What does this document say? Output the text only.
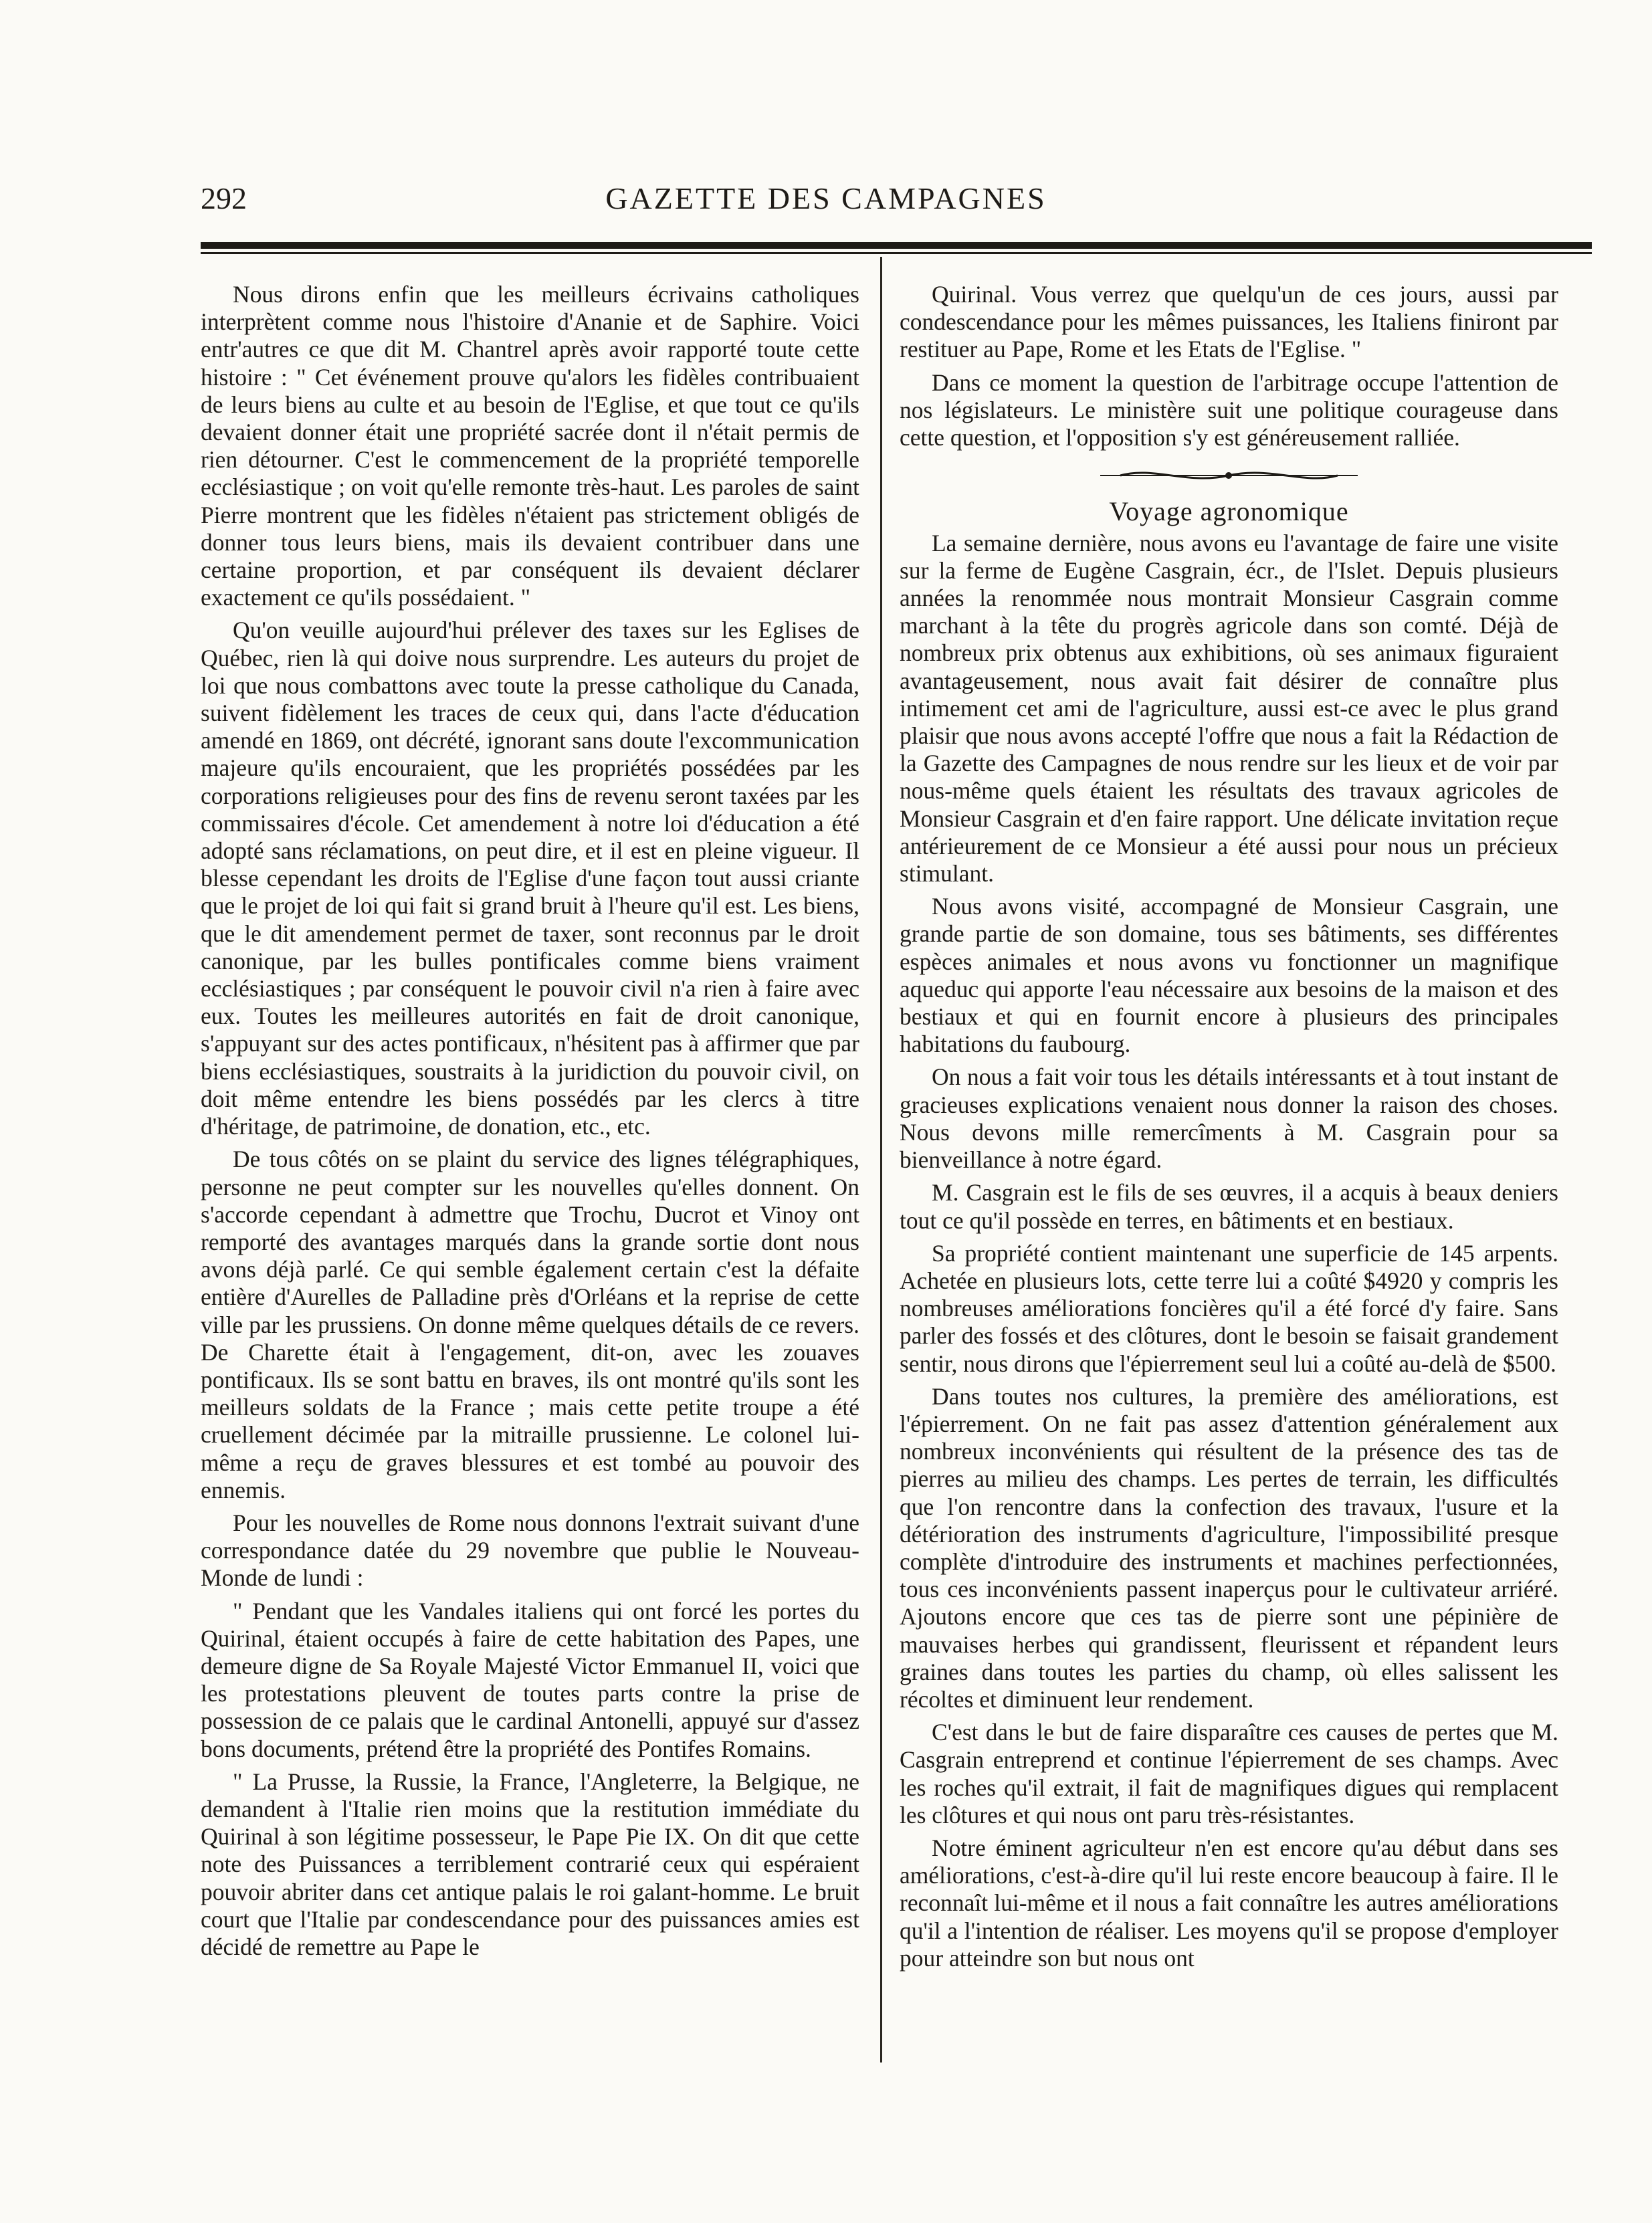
292	GAZETTE DES CAMPAGNES

Nous dirons enfin que les meilleurs écrivains catholiques interprètent comme nous l'histoire d'Ananie et de Saphire. Voici entr'autres ce que dit M. Chantrel après avoir rapporté toute cette histoire : " Cet événement prouve qu'alors les fidèles contribuaient de leurs biens au culte et au besoin de l'Eglise, et que tout ce qu'ils devaient donner était une propriété sacrée dont il n'était permis de rien détourner. C'est le commencement de la propriété temporelle ecclésiastique ; on voit qu'elle remonte très-haut. Les paroles de saint Pierre montrent que les fidèles n'étaient pas strictement obligés de donner tous leurs biens, mais ils devaient contribuer dans une certaine proportion, et par conséquent ils devaient déclarer exactement ce qu'ils possédaient. "

Qu'on veuille aujourd'hui prélever des taxes sur les Eglises de Québec, rien là qui doive nous surprendre. Les auteurs du projet de loi que nous combattons avec toute la presse catholique du Canada, suivent fidèlement les traces de ceux qui, dans l'acte d'éducation amendé en 1869, ont décrété, ignorant sans doute l'excommunication majeure qu'ils encouraient, que les propriétés possédées par les corporations religieuses pour des fins de revenu seront taxées par les commissaires d'école. Cet amendement à notre loi d'éducation a été adopté sans réclamations, on peut dire, et il est en pleine vigueur. Il blesse cependant les droits de l'Eglise d'une façon tout aussi criante que le projet de loi qui fait si grand bruit à l'heure qu'il est. Les biens, que le dit amendement permet de taxer, sont reconnus par le droit canonique, par les bulles pontificales comme biens vraiment ecclésiastiques ; par conséquent le pouvoir civil n'a rien à faire avec eux. Toutes les meilleures autorités en fait de droit canonique, s'appuyant sur des actes pontificaux, n'hésitent pas à affirmer que par biens ecclésiastiques, soustraits à la juridiction du pouvoir civil, on doit même entendre les biens possédés par les clercs à titre d'héritage, de patrimoine, de donation, etc., etc.

De tous côtés on se plaint du service des lignes télégraphiques, personne ne peut compter sur les nouvelles qu'elles donnent. On s'accorde cependant à admettre que Trochu, Ducrot et Vinoy ont remporté des avantages marqués dans la grande sortie dont nous avons déjà parlé. Ce qui semble également certain c'est la défaite entière d'Aurelles de Palladine près d'Orléans et la reprise de cette ville par les prussiens. On donne même quelques détails de ce revers. De Charette était à l'engagement, dit-on, avec les zouaves pontificaux. Ils se sont battu en braves, ils ont montré qu'ils sont les meilleurs soldats de la France ; mais cette petite troupe a été cruellement décimée par la mitraille prussienne. Le colonel lui-même a reçu de graves blessures et est tombé au pouvoir des ennemis.

Pour les nouvelles de Rome nous donnons l'extrait suivant d'une correspondance datée du 29 novembre que publie le Nouveau-Monde de lundi :

" Pendant que les Vandales italiens qui ont forcé les portes du Quirinal, étaient occupés à faire de cette habitation des Papes, une demeure digne de Sa Royale Majesté Victor Emmanuel II, voici que les protestations pleuvent de toutes parts contre la prise de possession de ce palais que le cardinal Antonelli, appuyé sur d'assez bons documents, prétend être la propriété des Pontifes Romains.

" La Prusse, la Russie, la France, l'Angleterre, la Belgique, ne demandent à l'Italie rien moins que la restitution immédiate du Quirinal à son légitime possesseur, le Pape Pie IX. On dit que cette note des Puissances a terriblement contrarié ceux qui espéraient pouvoir abriter dans cet antique palais le roi galant-homme. Le bruit court que l'Italie par condescendance pour des puissances amies est décidé de remettre au Pape le

Quirinal. Vous verrez que quelqu'un de ces jours, aussi par condescendance pour les mêmes puissances, les Italiens finiront par restituer au Pape, Rome et les Etats de l'Eglise. "

Dans ce moment la question de l'arbitrage occupe l'attention de nos législateurs. Le ministère suit une politique courageuse dans cette question, et l'opposition s'y est généreusement ralliée.

Voyage agronomique

La semaine dernière, nous avons eu l'avantage de faire une visite sur la ferme de Eugène Casgrain, écr., de l'Islet. Depuis plusieurs années la renommée nous montrait Monsieur Casgrain comme marchant à la tête du progrès agricole dans son comté. Déjà de nombreux prix obtenus aux exhibitions, où ses animaux figuraient avantageusement, nous avait fait désirer de connaître plus intimement cet ami de l'agriculture, aussi est-ce avec le plus grand plaisir que nous avons accepté l'offre que nous a fait la Rédaction de la Gazette des Campagnes de nous rendre sur les lieux et de voir par nous-même quels étaient les résultats des travaux agricoles de Monsieur Casgrain et d'en faire rapport. Une délicate invitation reçue antérieurement de ce Monsieur a été aussi pour nous un précieux stimulant.

Nous avons visité, accompagné de Monsieur Casgrain, une grande partie de son domaine, tous ses bâtiments, ses différentes espèces animales et nous avons vu fonctionner un magnifique aqueduc qui apporte l'eau nécessaire aux besoins de la maison et des bestiaux et qui en fournit encore à plusieurs des principales habitations du faubourg.

On nous a fait voir tous les détails intéressants et à tout instant de gracieuses explications venaient nous donner la raison des choses. Nous devons mille remercîments à M. Casgrain pour sa bienveillance à notre égard.

M. Casgrain est le fils de ses œuvres, il a acquis à beaux deniers tout ce qu'il possède en terres, en bâtiments et en bestiaux.

Sa propriété contient maintenant une superficie de 145 arpents. Achetée en plusieurs lots, cette terre lui a coûté $4920 y compris les nombreuses améliorations foncières qu'il a été forcé d'y faire. Sans parler des fossés et des clôtures, dont le besoin se faisait grandement sentir, nous dirons que l'épierrement seul lui a coûté au-delà de $500.

Dans toutes nos cultures, la première des améliorations, est l'épierrement. On ne fait pas assez d'attention généralement aux nombreux inconvénients qui résultent de la présence des tas de pierres au milieu des champs. Les pertes de terrain, les difficultés que l'on rencontre dans la confection des travaux, l'usure et la détérioration des instruments d'agriculture, l'impossibilité presque complète d'introduire des instruments et machines perfectionnées, tous ces inconvénients passent inaperçus pour le cultivateur arriéré. Ajoutons encore que ces tas de pierre sont une pépinière de mauvaises herbes qui grandissent, fleurissent et répandent leurs graines dans toutes les parties du champ, où elles salissent les récoltes et diminuent leur rendement.

C'est dans le but de faire disparaître ces causes de pertes que M. Casgrain entreprend et continue l'épierrement de ses champs. Avec les roches qu'il extrait, il fait de magnifiques digues qui remplacent les clôtures et qui nous ont paru très-résistantes.

Notre éminent agriculteur n'en est encore qu'au début dans ses améliorations, c'est-à-dire qu'il lui reste encore beaucoup à faire. Il le reconnaît lui-même et il nous a fait connaître les autres améliorations qu'il a l'intention de réaliser. Les moyens qu'il se propose d'employer pour atteindre son but nous ont
